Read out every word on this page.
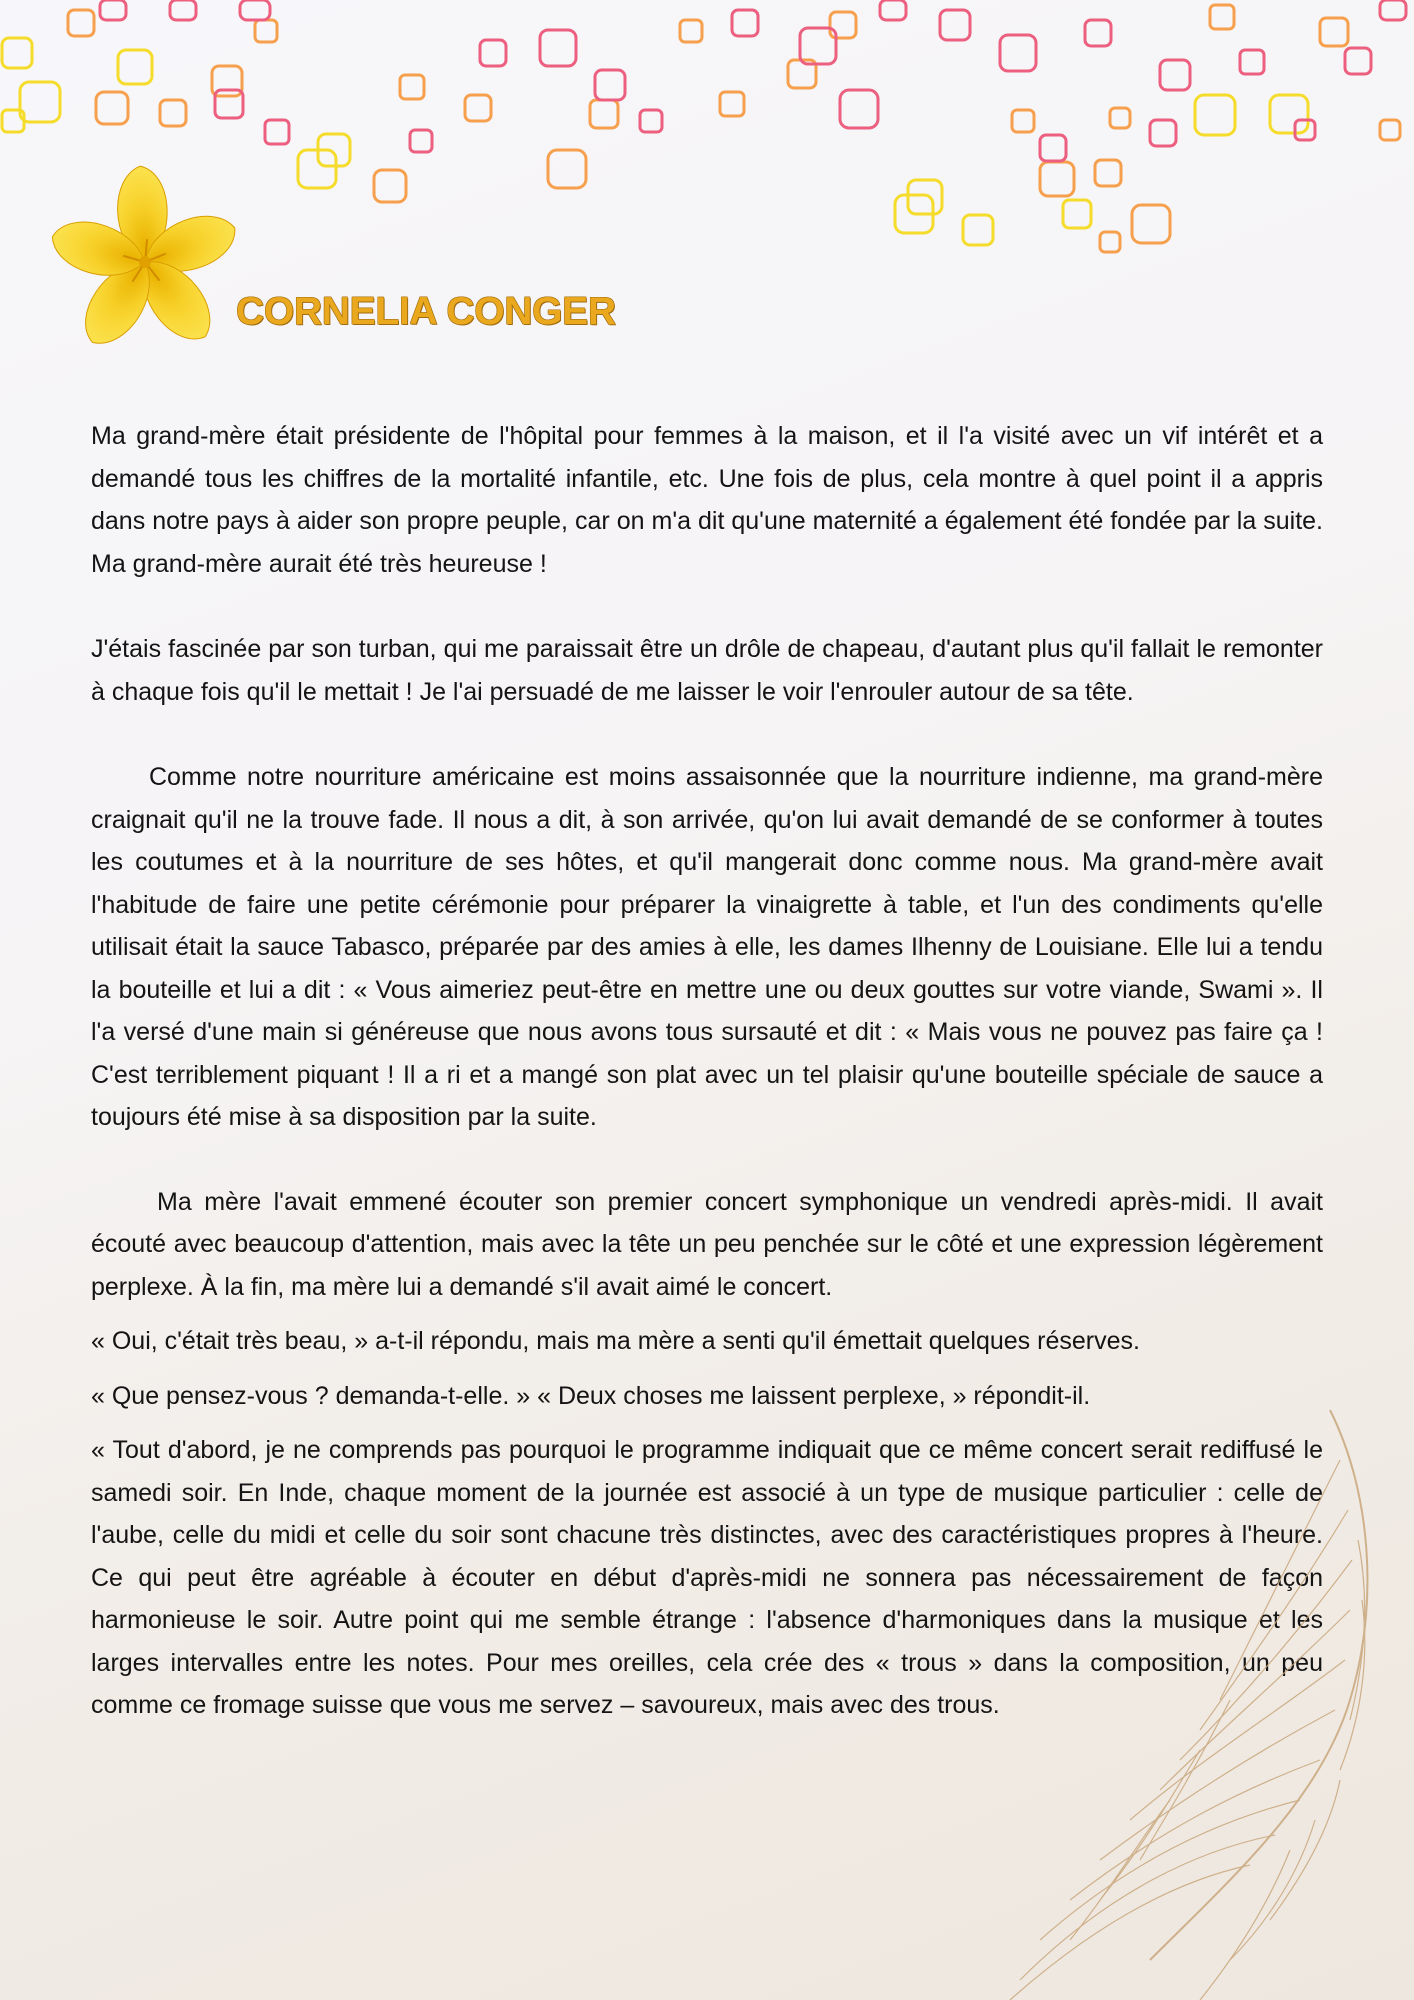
CORNELIA CONGER

Ma grand-mère était présidente de l'hôpital pour femmes à la maison, et il l'a visité avec un vif intérêt et a demandé tous les chiffres de la mortalité infantile, etc. Une fois de plus, cela montre à quel point il a appris dans notre pays à aider son propre peuple, car on m'a dit qu'une maternité a également été fondée par la suite. Ma grand-mère aurait été très heureuse !

J'étais fascinée par son turban, qui me paraissait être un drôle de chapeau, d'autant plus qu'il fallait le remonter à chaque fois qu'il le mettait ! Je l'ai persuadé de me laisser le voir l'enrouler autour de sa tête.

Comme notre nourriture américaine est moins assaisonnée que la nourriture indienne, ma grand-mère craignait qu'il ne la trouve fade. Il nous a dit, à son arrivée, qu'on lui avait demandé de se conformer à toutes les coutumes et à la nourriture de ses hôtes, et qu'il mangerait donc comme nous. Ma grand-mère avait l'habitude de faire une petite cérémonie pour préparer la vinaigrette à table, et l'un des condiments qu'elle utilisait était la sauce Tabasco, préparée par des amies à elle, les dames Ilhenny de Louisiane. Elle lui a tendu la bouteille et lui a dit : « Vous aimeriez peut-être en mettre une ou deux gouttes sur votre viande, Swami ». Il l'a versé d'une main si généreuse que nous avons tous sursauté et dit : « Mais vous ne pouvez pas faire ça ! C'est terriblement piquant ! Il a ri et a mangé son plat avec un tel plaisir qu'une bouteille spéciale de sauce a toujours été mise à sa disposition par la suite.

Ma mère l'avait emmené écouter son premier concert symphonique un vendredi après-midi. Il avait écouté avec beaucoup d'attention, mais avec la tête un peu penchée sur le côté et une expression légèrement perplexe. À la fin, ma mère lui a demandé s'il avait aimé le concert.

« Oui, c'était très beau, » a-t-il répondu, mais ma mère a senti qu'il émettait quelques réserves.

« Que pensez-vous ? demanda-t-elle. » « Deux choses me laissent perplexe, » répondit-il.

« Tout d'abord, je ne comprends pas pourquoi le programme indiquait que ce même concert serait rediffusé le samedi soir. En Inde, chaque moment de la journée est associé à un type de musique particulier : celle de l'aube, celle du midi et celle du soir sont chacune très distinctes, avec des caractéristiques propres à l'heure. Ce qui peut être agréable à écouter en début d'après-midi ne sonnera pas nécessairement de façon harmonieuse le soir. Autre point qui me semble étrange : l'absence d'harmoniques dans la musique et les larges intervalles entre les notes. Pour mes oreilles, cela crée des « trous » dans la composition, un peu comme ce fromage suisse que vous me servez – savoureux, mais avec des trous.
